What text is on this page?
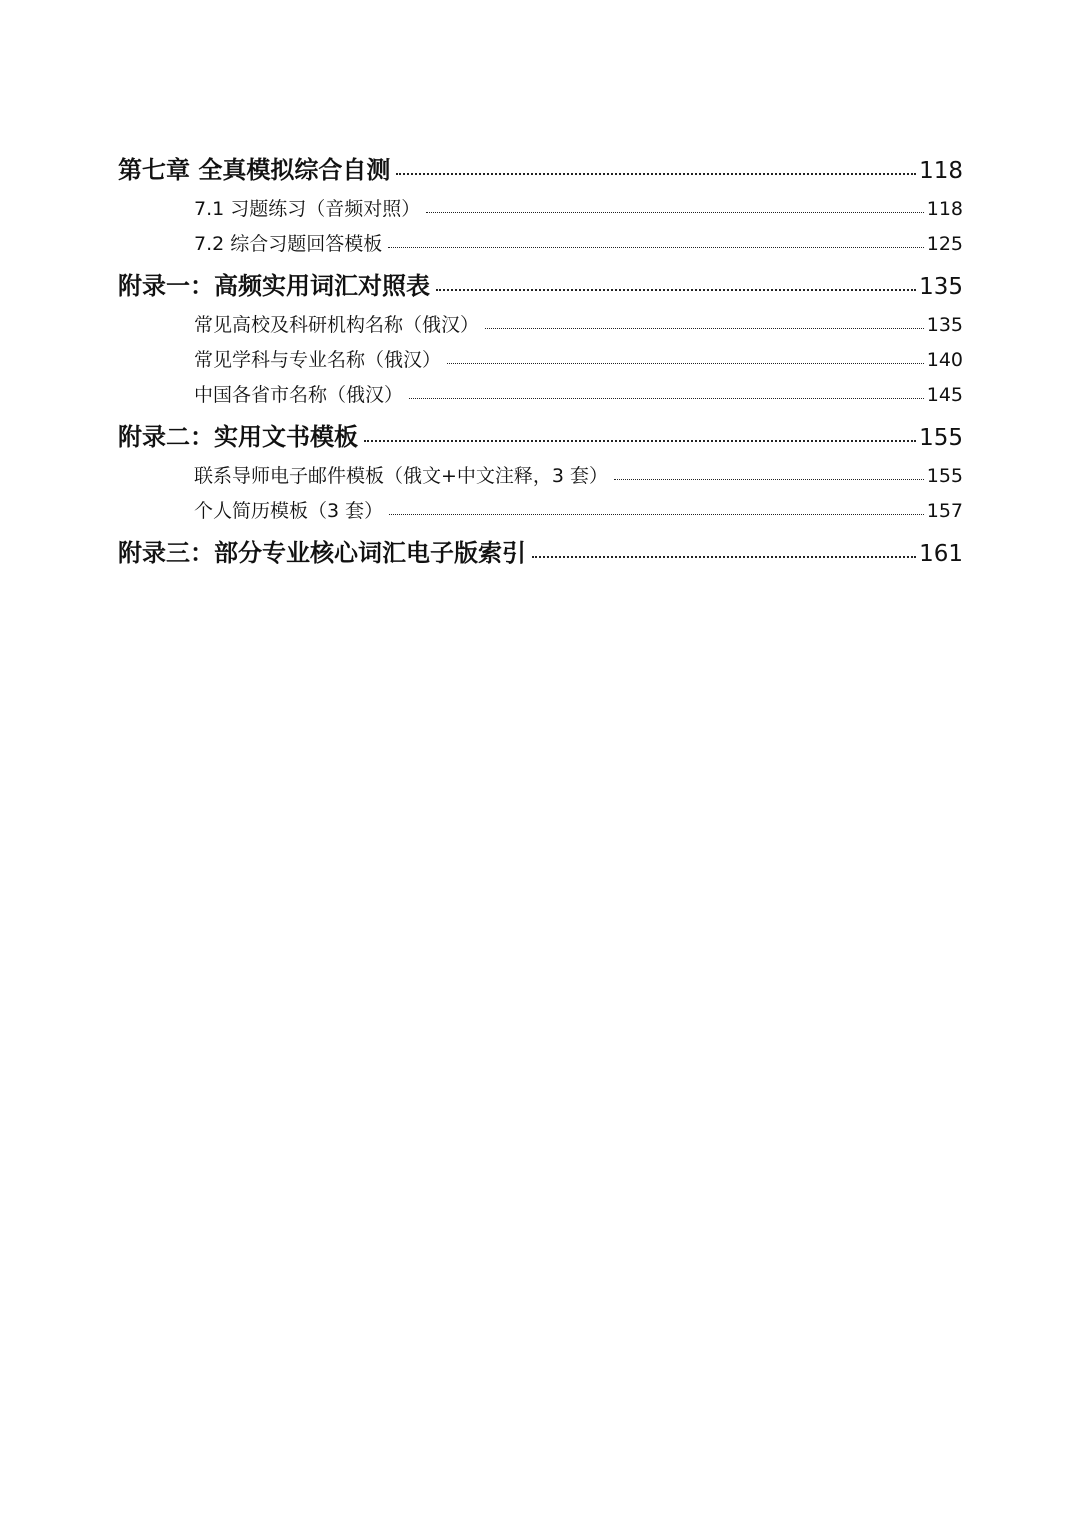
第七章 全真模拟综合自测	118
7.1 习题练习（音频对照）	118
7.2 综合习题回答模板	125
附录一：高频实用词汇对照表	135
常见高校及科研机构名称（俄汉）	135
常见学科与专业名称（俄汉）	140
中国各省市名称（俄汉）	145
附录二：实用文书模板	155
联系导师电子邮件模板（俄文+中文注释，3 套）	155
个人简历模板（3 套）	157
附录三：部分专业核心词汇电子版索引	161
